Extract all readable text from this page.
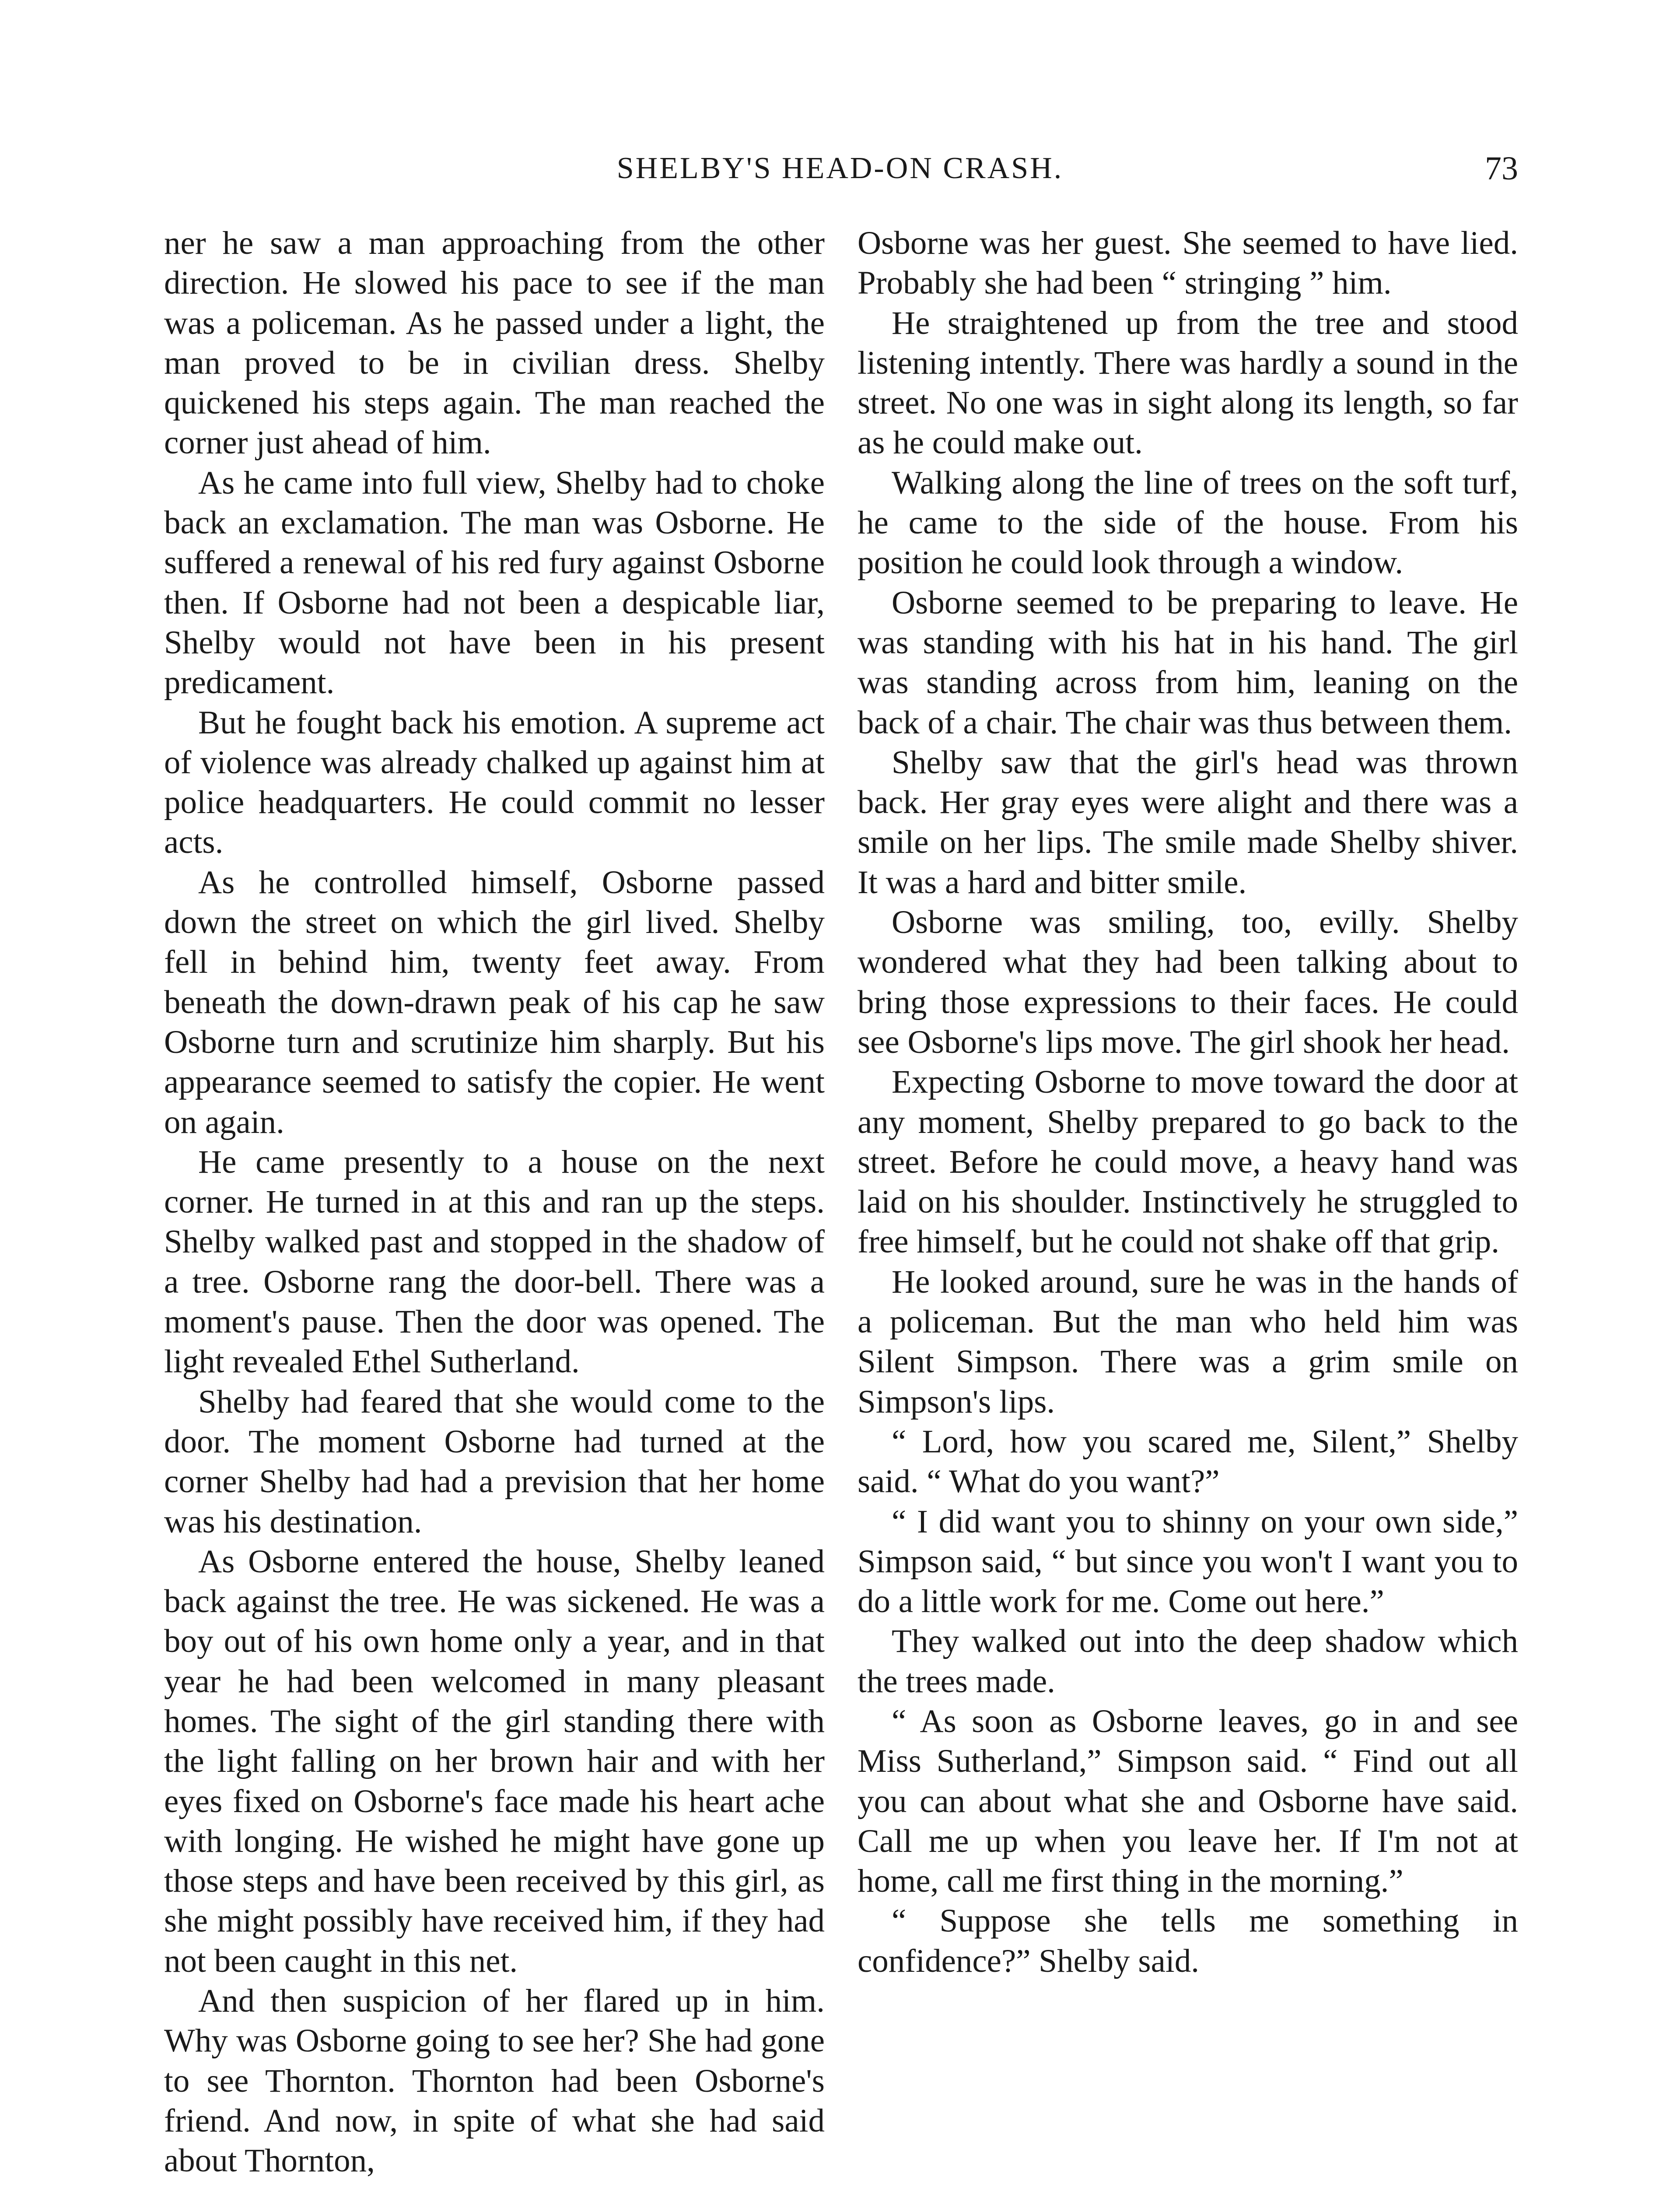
SHELBY'S HEAD-ON CRASH.	73

ner he saw a man approaching from the other direction. He slowed his pace to see if the man was a policeman. As he passed under a light, the man proved to be in civilian dress. Shelby quickened his steps again. The man reached the corner just ahead of him.

As he came into full view, Shelby had to choke back an exclamation. The man was Osborne. He suffered a renewal of his red fury against Osborne then. If Osborne had not been a despicable liar, Shelby would not have been in his present predicament.

But he fought back his emotion. A supreme act of violence was already chalked up against him at police headquarters. He could commit no lesser acts.

As he controlled himself, Osborne passed down the street on which the girl lived. Shelby fell in behind him, twenty feet away. From beneath the down-drawn peak of his cap he saw Osborne turn and scrutinize him sharply. But his appearance seemed to satisfy the copier. He went on again.

He came presently to a house on the next corner. He turned in at this and ran up the steps. Shelby walked past and stopped in the shadow of a tree. Osborne rang the door-bell. There was a moment's pause. Then the door was opened. The light revealed Ethel Sutherland.

Shelby had feared that she would come to the door. The moment Osborne had turned at the corner Shelby had had a prevision that her home was his destination.

As Osborne entered the house, Shelby leaned back against the tree. He was sickened. He was a boy out of his own home only a year, and in that year he had been welcomed in many pleasant homes. The sight of the girl standing there with the light falling on her brown hair and with her eyes fixed on Osborne's face made his heart ache with longing. He wished he might have gone up those steps and have been received by this girl, as she might possibly have received him, if they had not been caught in this net.

And then suspicion of her flared up in him. Why was Osborne going to see her? She had gone to see Thornton. Thornton had been Osborne's friend. And now, in spite of what she had said about Thornton,

Osborne was her guest. She seemed to have lied. Probably she had been “ stringing ” him.

He straightened up from the tree and stood listening intently. There was hardly a sound in the street. No one was in sight along its length, so far as he could make out.

Walking along the line of trees on the soft turf, he came to the side of the house. From his position he could look through a window.

Osborne seemed to be preparing to leave. He was standing with his hat in his hand. The girl was standing across from him, leaning on the back of a chair. The chair was thus between them.

Shelby saw that the girl's head was thrown back. Her gray eyes were alight and there was a smile on her lips. The smile made Shelby shiver. It was a hard and bitter smile.

Osborne was smiling, too, evilly. Shelby wondered what they had been talking about to bring those expressions to their faces. He could see Osborne's lips move. The girl shook her head.

Expecting Osborne to move toward the door at any moment, Shelby prepared to go back to the street. Before he could move, a heavy hand was laid on his shoulder. Instinctively he struggled to free himself, but he could not shake off that grip.

He looked around, sure he was in the hands of a policeman. But the man who held him was Silent Simpson. There was a grim smile on Simpson's lips.

“ Lord, how you scared me, Silent,” Shelby said. “ What do you want?”

“ I did want you to shinny on your own side,” Simpson said, “ but since you won't I want you to do a little work for me. Come out here.”

They walked out into the deep shadow which the trees made.

“ As soon as Osborne leaves, go in and see Miss Sutherland,” Simpson said. “ Find out all you can about what she and Osborne have said. Call me up when you leave her. If I'm not at home, call me first thing in the morning.”

“ Suppose she tells me something in confidence?” Shelby said.
